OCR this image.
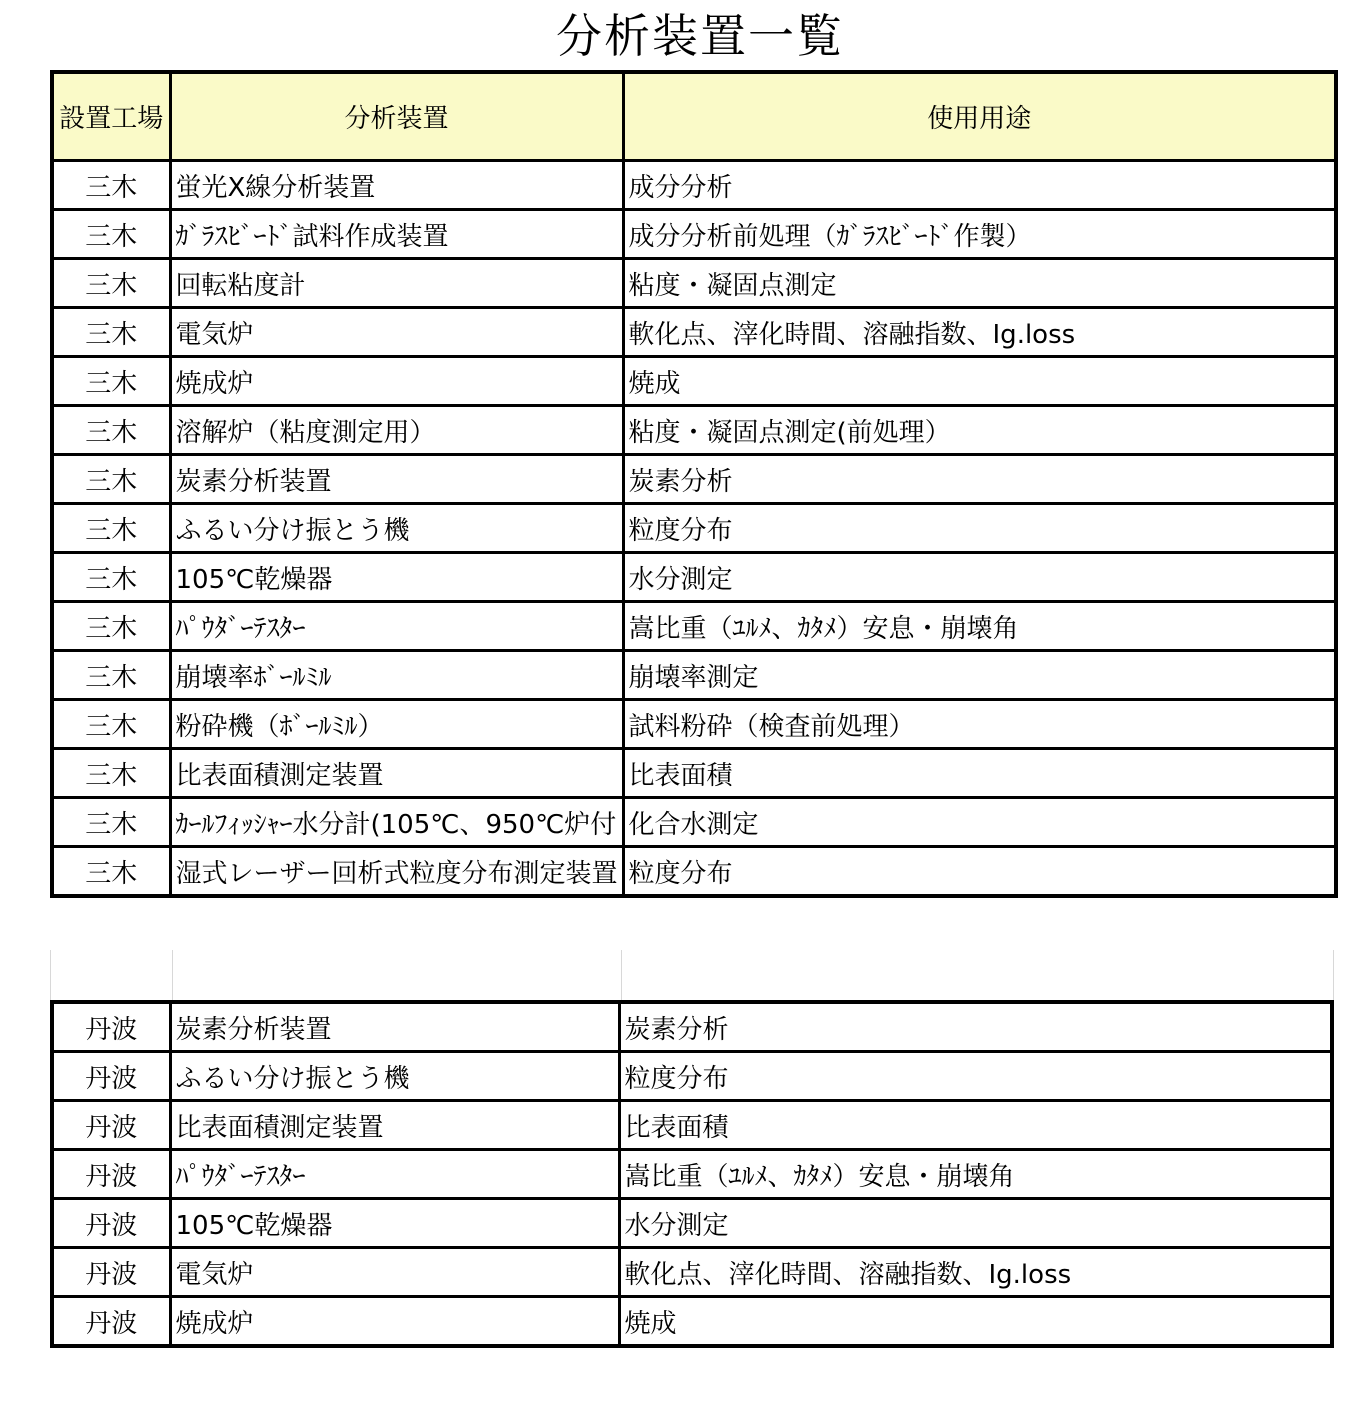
分析装置一覧
設置工場	分析装置	使用用途
三木	蛍光X線分析装置	成分分析
三木	ｶﾞﾗｽﾋﾞｰﾄﾞ試料作成装置	成分分析前処理（ｶﾞﾗｽﾋﾞｰﾄﾞ作製）
三木	回転粘度計	粘度・凝固点測定
三木	電気炉	軟化点、滓化時間、溶融指数、Ig.loss
三木	焼成炉	焼成
三木	溶解炉（粘度測定用）	粘度・凝固点測定(前処理）
三木	炭素分析装置	炭素分析
三木	ふるい分け振とう機	粒度分布
三木	105℃乾燥器	水分測定
三木	ﾊﾟｳﾀﾞｰﾃｽﾀｰ	嵩比重（ﾕﾙﾒ、ｶﾀﾒ）安息・崩壊角
三木	崩壊率ﾎﾞｰﾙﾐﾙ	崩壊率測定
三木	粉砕機（ﾎﾞｰﾙﾐﾙ）	試料粉砕（検査前処理）
三木	比表面積測定装置	比表面積
三木	ｶｰﾙﾌｨｯｼｬｰ水分計(105℃、950℃炉付	化合水測定
三木	湿式レーザー回析式粒度分布測定装置	粒度分布
丹波	炭素分析装置	炭素分析
丹波	ふるい分け振とう機	粒度分布
丹波	比表面積測定装置	比表面積
丹波	ﾊﾟｳﾀﾞｰﾃｽﾀｰ	嵩比重（ﾕﾙﾒ、ｶﾀﾒ）安息・崩壊角
丹波	105℃乾燥器	水分測定
丹波	電気炉	軟化点、滓化時間、溶融指数、Ig.loss
丹波	焼成炉	焼成
